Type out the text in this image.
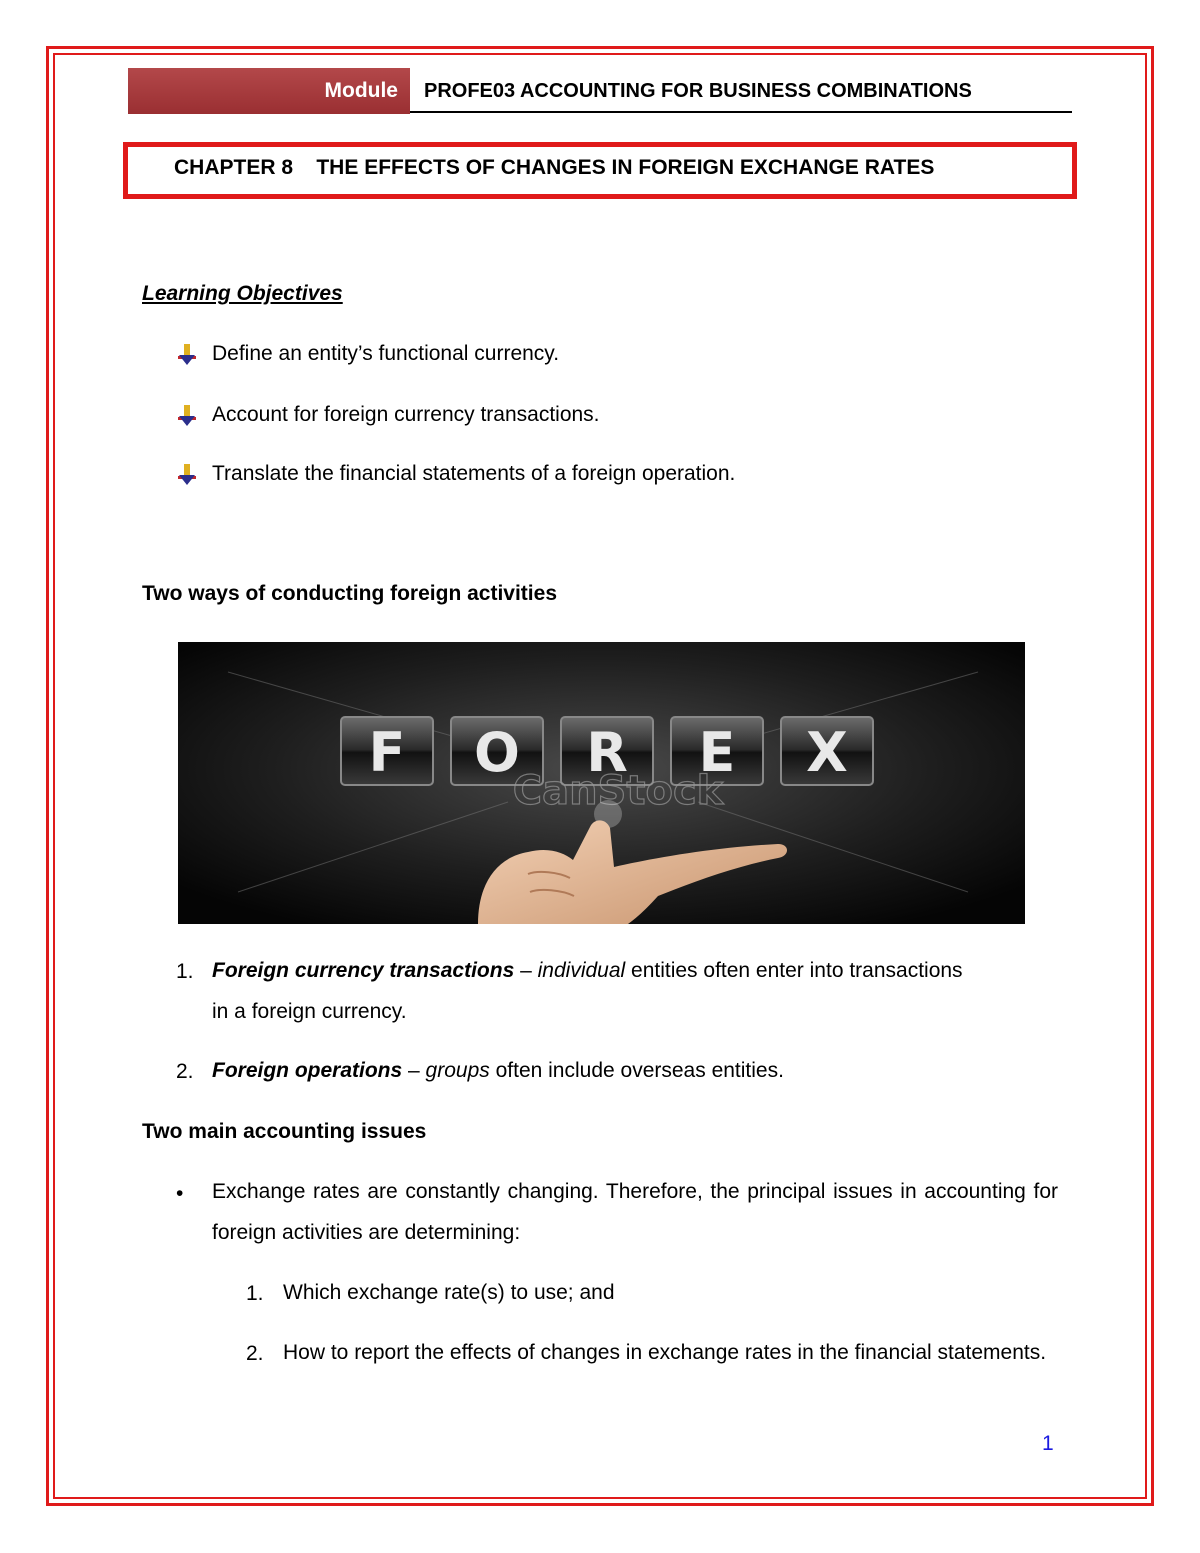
Module	PROFE03 ACCOUNTING FOR BUSINESS COMBINATIONS
CHAPTER 8    THE EFFECTS OF CHANGES IN FOREIGN EXCHANGE RATES
Learning Objectives
Define an entity’s functional currency.
Account for foreign currency transactions.
Translate the financial statements of a foreign operation.
Two ways of conducting foreign activities
F O R E X
CanStock
1. Foreign currency transactions – individual entities often enter into transactions
in a foreign currency.
2. Foreign operations – groups often include overseas entities.
Two main accounting issues
• Exchange rates are constantly changing. Therefore, the principal issues in accounting for foreign activities are determining:
1. Which exchange rate(s) to use; and
2. How to report the effects of changes in exchange rates in the financial statements.
1
